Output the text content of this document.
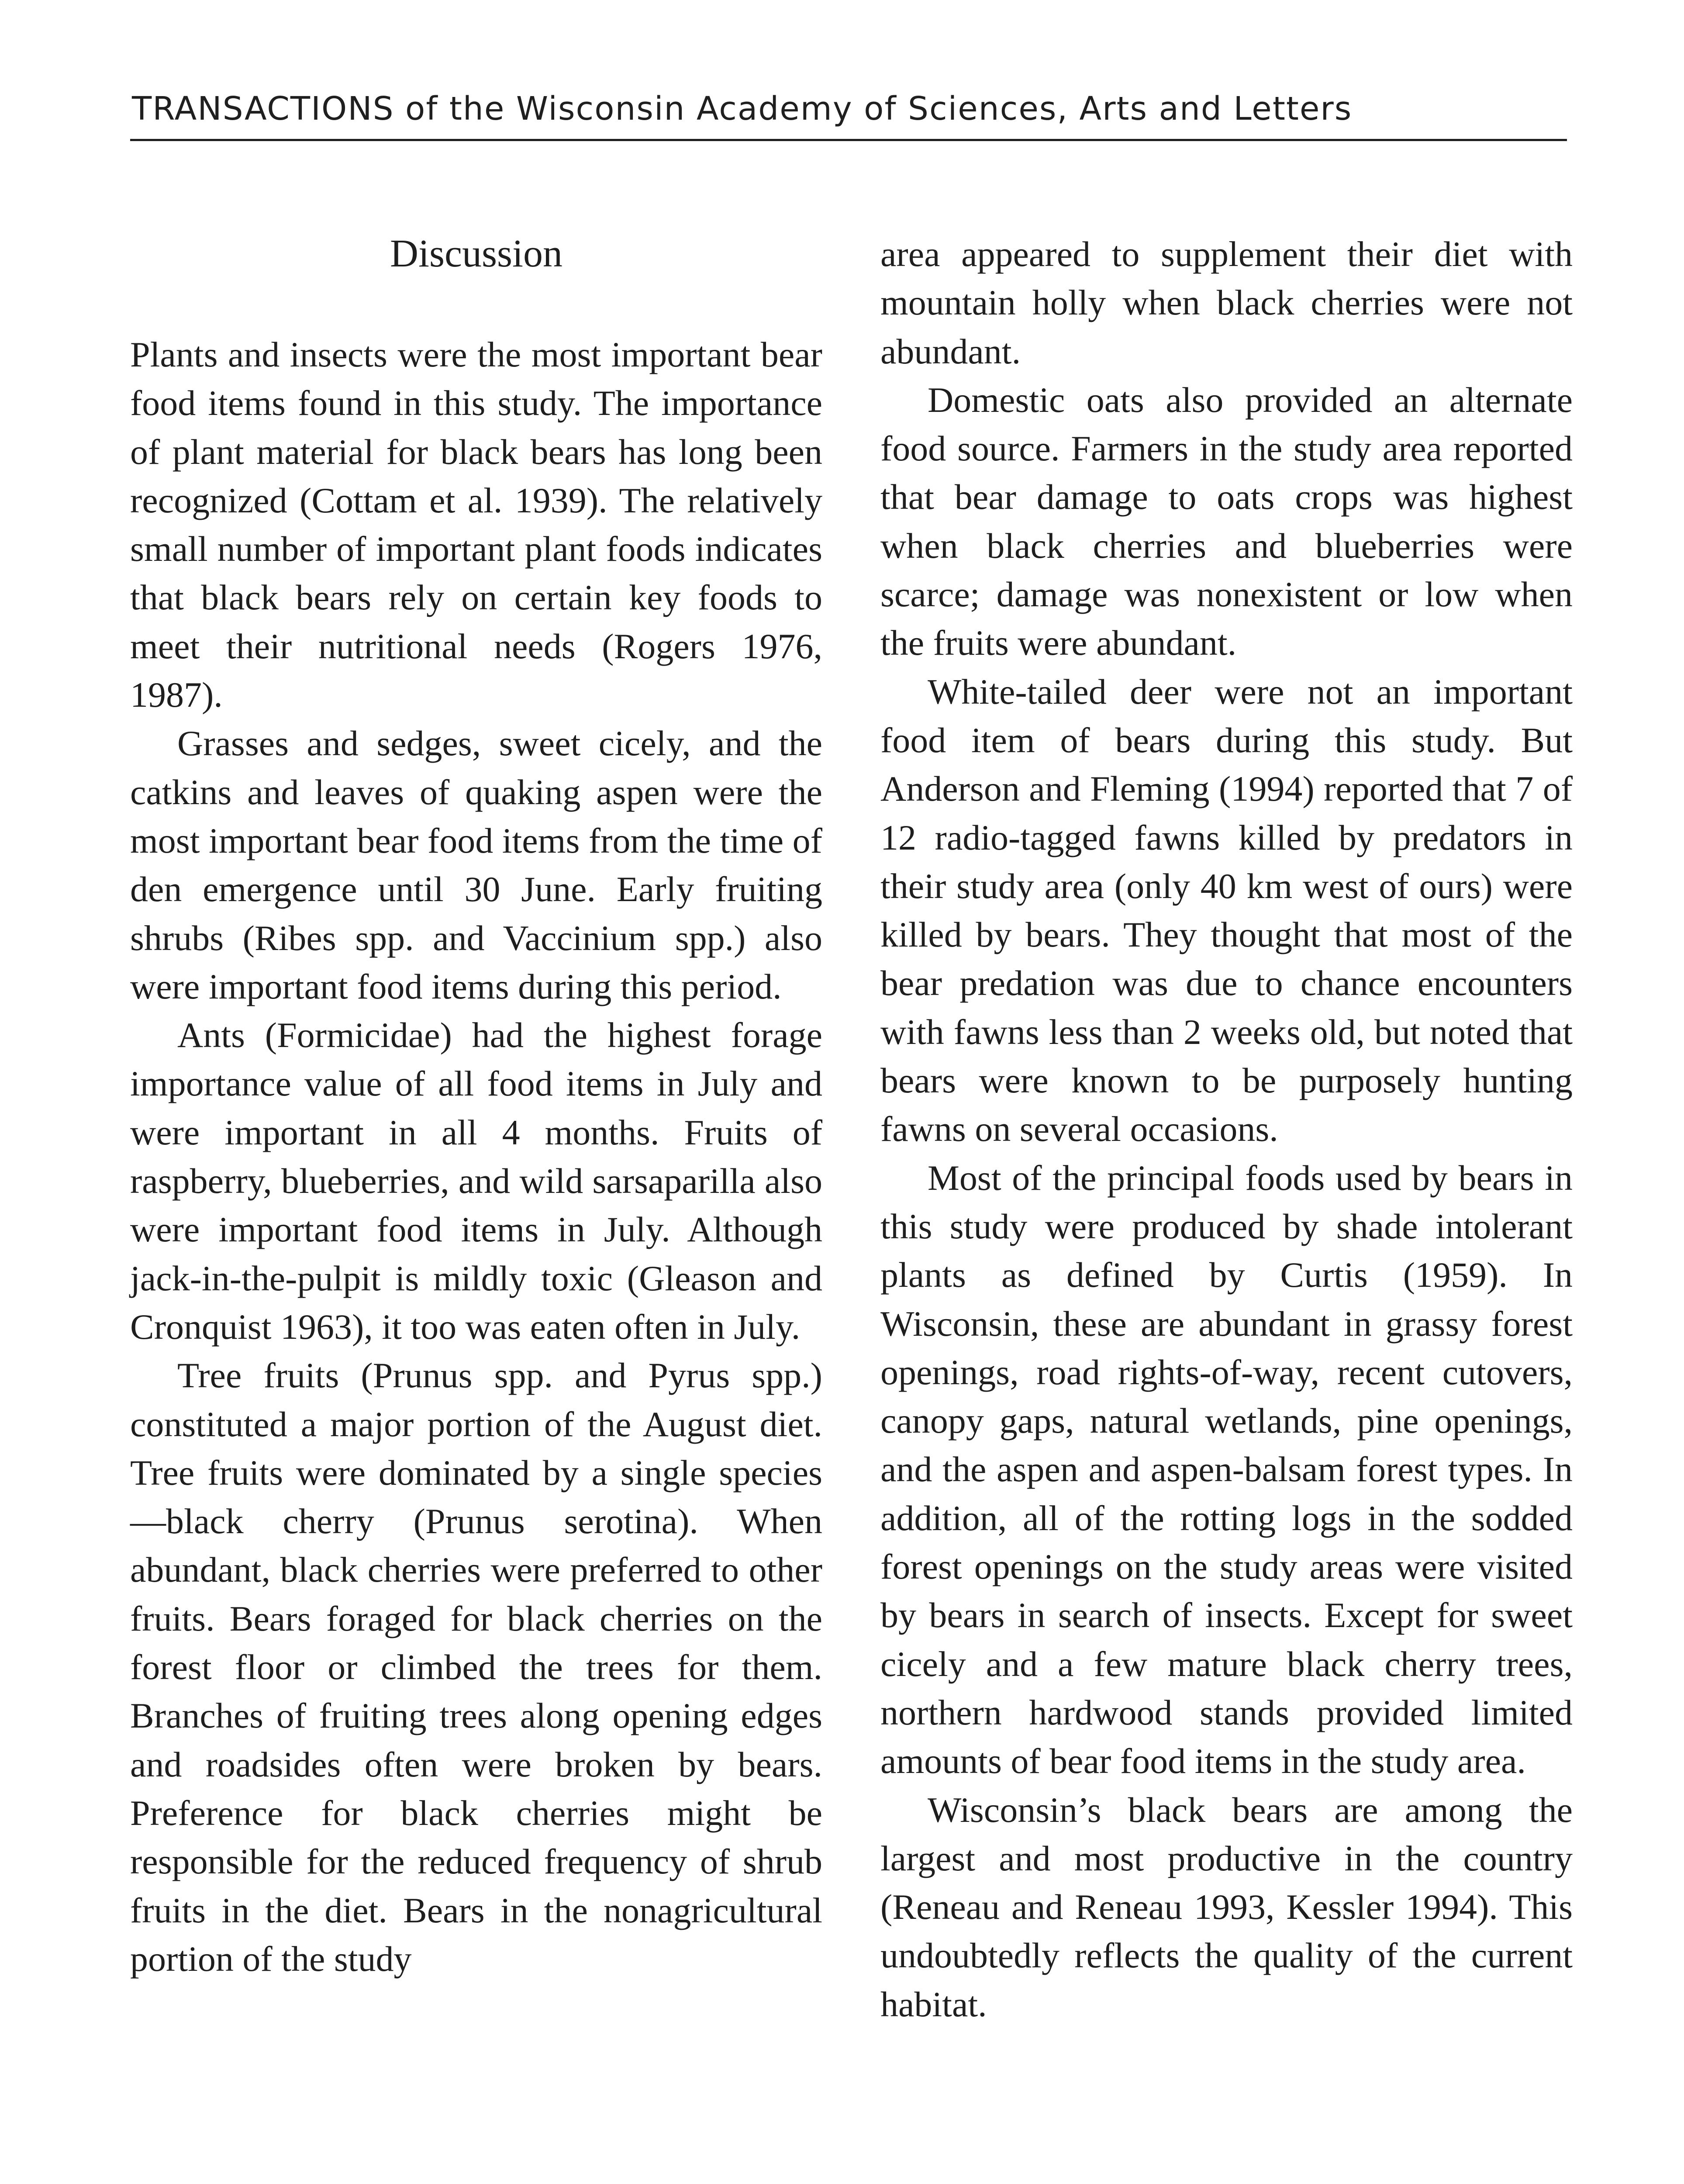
TRANSACTIONS of the Wisconsin Academy of Sciences, Arts and Letters
Discussion

Plants and insects were the most important bear food items found in this study. The importance of plant material for black bears has long been recognized (Cottam et al. 1939). The relatively small number of important plant foods indicates that black bears rely on certain key foods to meet their nutritional needs (Rogers 1976, 1987).

Grasses and sedges, sweet cicely, and the catkins and leaves of quaking aspen were the most important bear food items from the time of den emergence until 30 June. Early fruiting shrubs (Ribes spp. and Vaccinium spp.) also were important food items during this period.

Ants (Formicidae) had the highest forage importance value of all food items in July and were important in all 4 months. Fruits of raspberry, blueberries, and wild sarsaparilla also were important food items in July. Although jack-in-the-pulpit is mildly toxic (Gleason and Cronquist 1963), it too was eaten often in July.

Tree fruits (Prunus spp. and Pyrus spp.) constituted a major portion of the August diet. Tree fruits were dominated by a single species—black cherry (Prunus serotina). When abundant, black cherries were preferred to other fruits. Bears foraged for black cherries on the forest floor or climbed the trees for them. Branches of fruiting trees along opening edges and roadsides often were broken by bears. Preference for black cherries might be responsible for the reduced frequency of shrub fruits in the diet. Bears in the nonagricultural portion of the study

area appeared to supplement their diet with mountain holly when black cherries were not abundant.

Domestic oats also provided an alternate food source. Farmers in the study area reported that bear damage to oats crops was highest when black cherries and blueberries were scarce; damage was nonexistent or low when the fruits were abundant.

White-tailed deer were not an important food item of bears during this study. But Anderson and Fleming (1994) reported that 7 of 12 radio-tagged fawns killed by predators in their study area (only 40 km west of ours) were killed by bears. They thought that most of the bear predation was due to chance encounters with fawns less than 2 weeks old, but noted that bears were known to be purposely hunting fawns on several occasions.

Most of the principal foods used by bears in this study were produced by shade intolerant plants as defined by Curtis (1959). In Wisconsin, these are abundant in grassy forest openings, road rights-of-way, recent cutovers, canopy gaps, natural wetlands, pine openings, and the aspen and aspen-balsam forest types. In addition, all of the rotting logs in the sodded forest openings on the study areas were visited by bears in search of insects. Except for sweet cicely and a few mature black cherry trees, northern hardwood stands provided limited amounts of bear food items in the study area.

Wisconsin’s black bears are among the largest and most productive in the country (Reneau and Reneau 1993, Kessler 1994). This undoubtedly reflects the quality of the current habitat.
